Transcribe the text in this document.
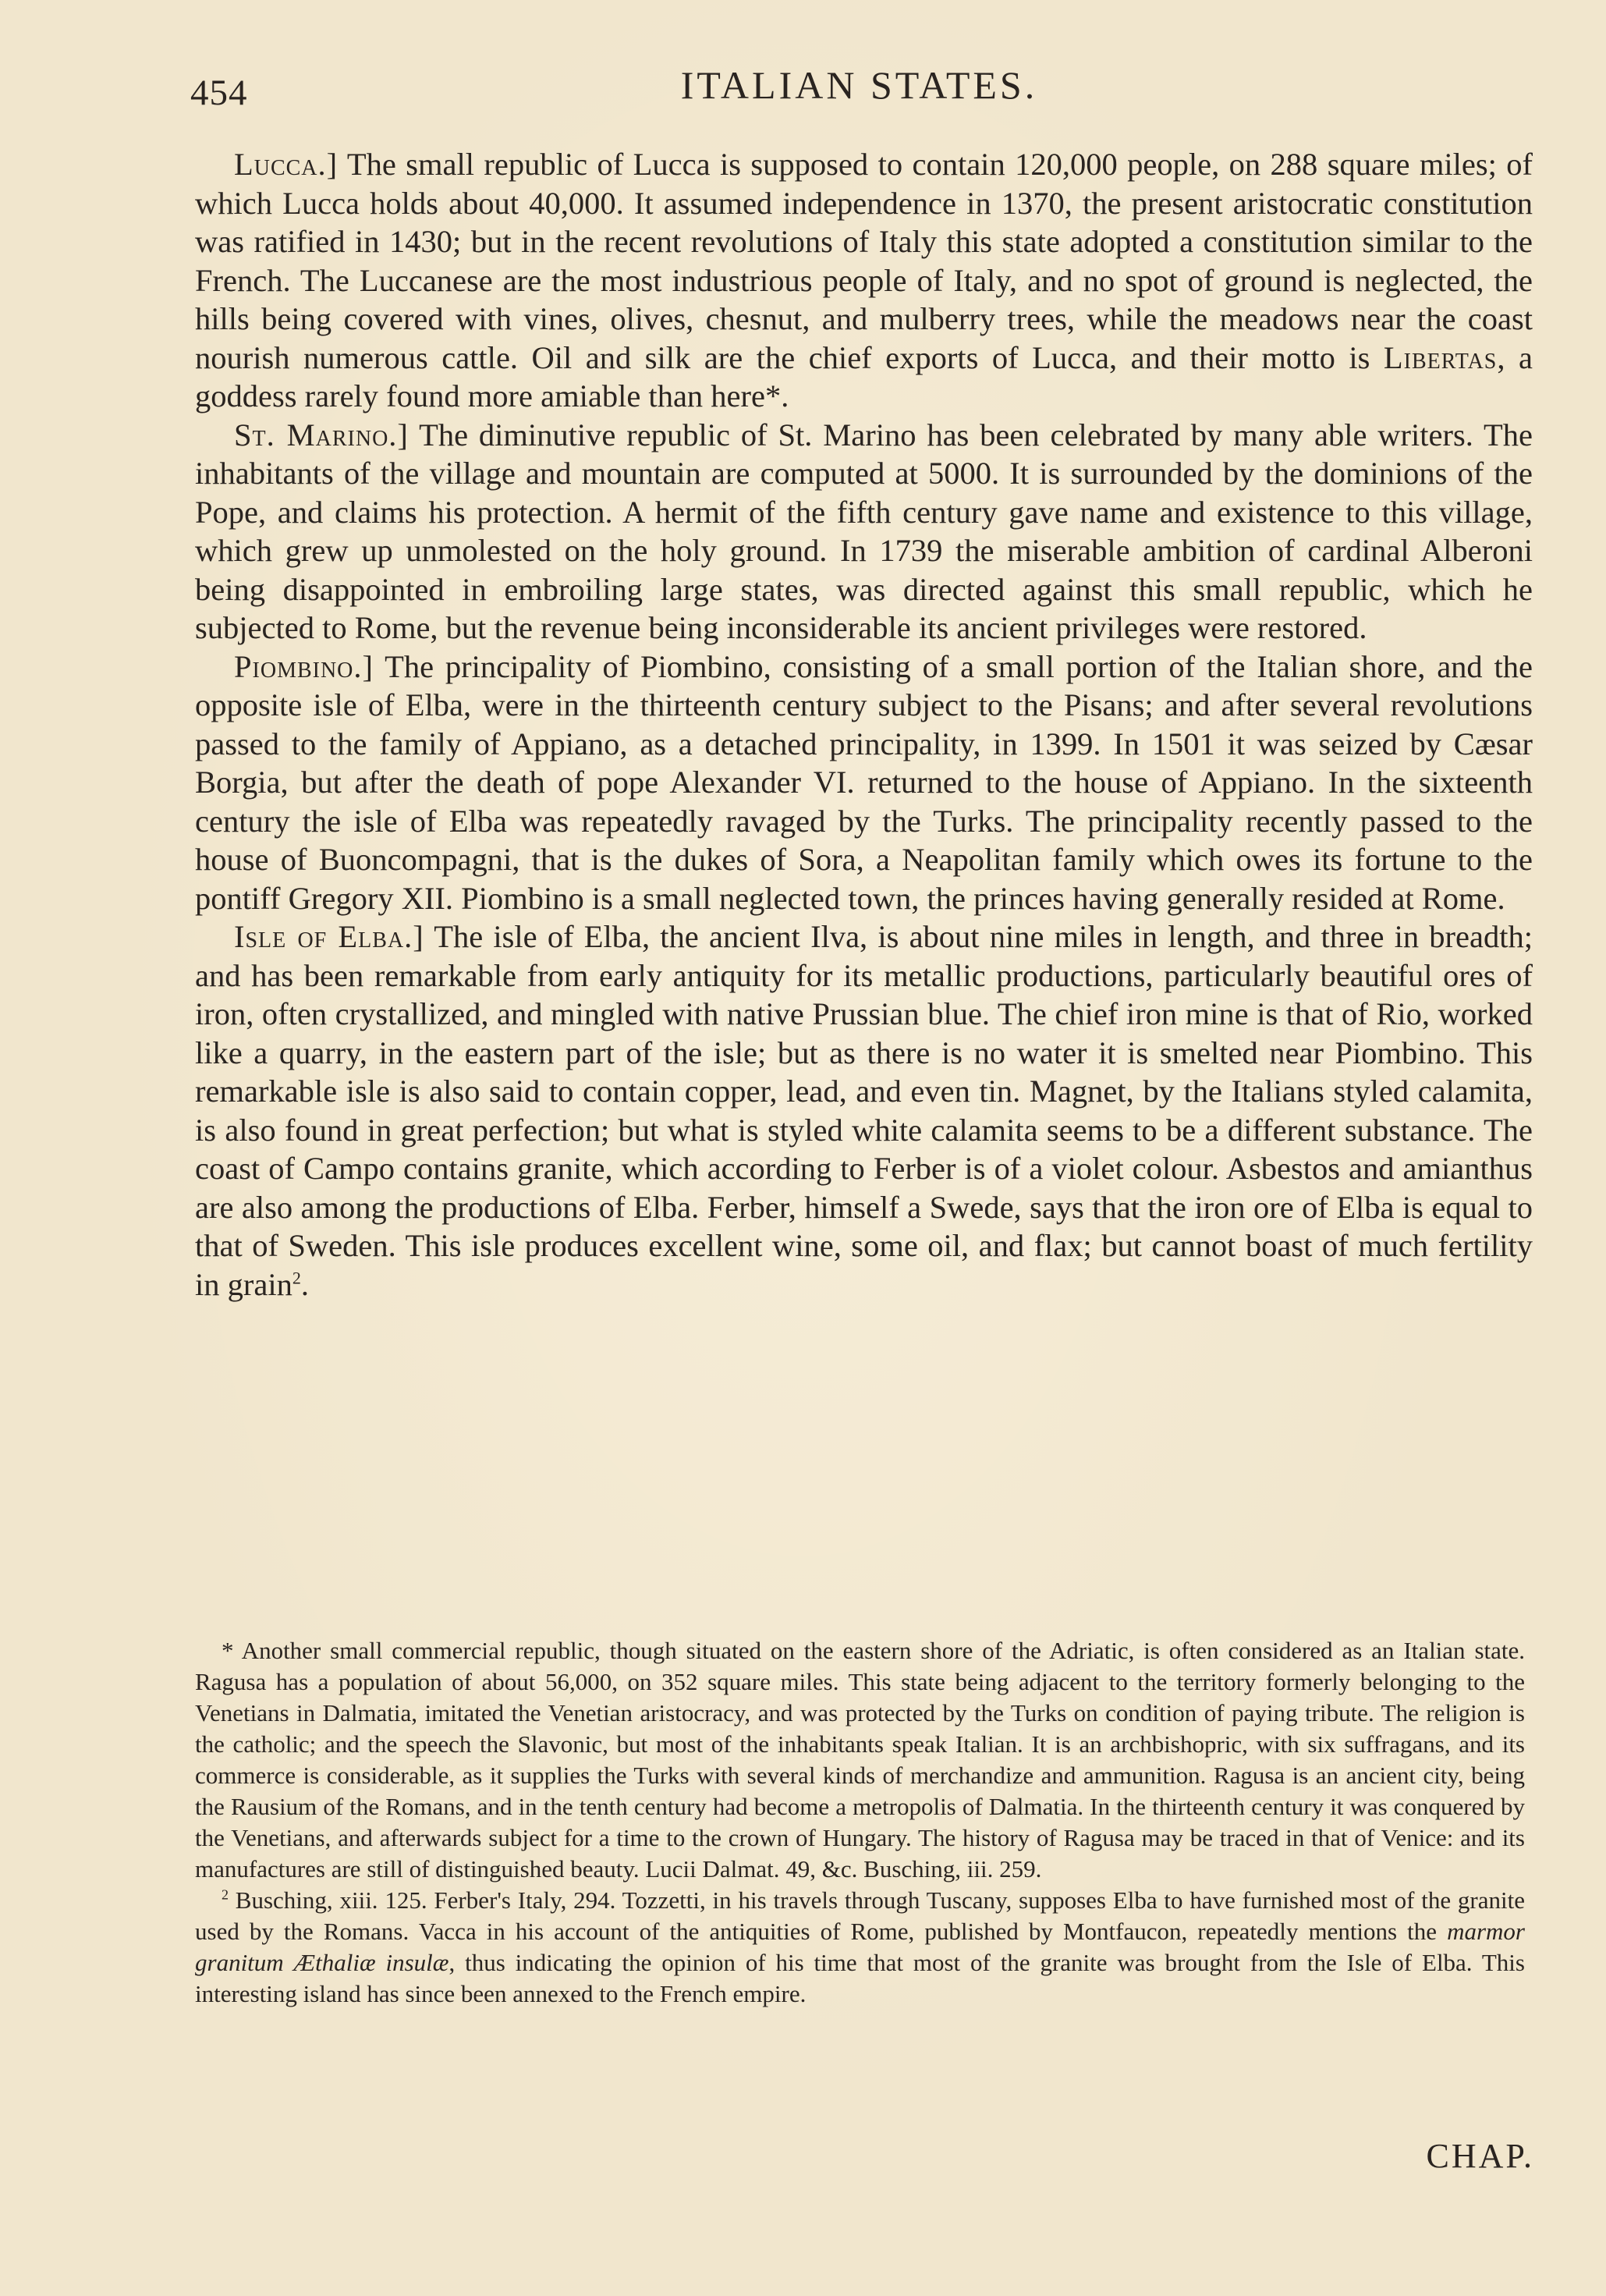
454	ITALIAN STATES.

Lucca.] The small republic of Lucca is supposed to contain 120,000 people, on 288 square miles; of which Lucca holds about 40,000. It assumed independence in 1370, the present aristocratic constitution was ratified in 1430; but in the recent revolutions of Italy this state adopted a constitution similar to the French. The Luccanese are the most industrious people of Italy, and no spot of ground is neglected, the hills being covered with vines, olives, chesnut, and mulberry trees, while the meadows near the coast nourish numerous cattle. Oil and silk are the chief exports of Lucca, and their motto is Libertas, a goddess rarely found more amiable than here*.

St. Marino.] The diminutive republic of St. Marino has been celebrated by many able writers. The inhabitants of the village and mountain are computed at 5000. It is surrounded by the dominions of the Pope, and claims his protection. A hermit of the fifth century gave name and existence to this village, which grew up unmolested on the holy ground. In 1739 the miserable ambition of cardinal Alberoni being disappointed in embroiling large states, was directed against this small republic, which he subjected to Rome, but the revenue being inconsiderable its ancient privileges were restored.

Piombino.] The principality of Piombino, consisting of a small portion of the Italian shore, and the opposite isle of Elba, were in the thirteenth century subject to the Pisans; and after several revolutions passed to the family of Appiano, as a detached principality, in 1399. In 1501 it was seized by Cæsar Borgia, but after the death of pope Alexander VI. returned to the house of Appiano. In the sixteenth century the isle of Elba was repeatedly ravaged by the Turks. The principality recently passed to the house of Buoncompagni, that is the dukes of Sora, a Neapolitan family which owes its fortune to the pontiff Gregory XII. Piombino is a small neglected town, the princes having generally resided at Rome.

Isle of Elba.] The isle of Elba, the ancient Ilva, is about nine miles in length, and three in breadth; and has been remarkable from early antiquity for its metallic productions, particularly beautiful ores of iron, often crystallized, and mingled with native Prussian blue. The chief iron mine is that of Rio, worked like a quarry, in the eastern part of the isle; but as there is no water it is smelted near Piombino. This remarkable isle is also said to contain copper, lead, and even tin. Magnet, by the Italians styled calamita, is also found in great perfection; but what is styled white calamita seems to be a different substance. The coast of Campo contains granite, which according to Ferber is of a violet colour. Asbestos and amianthus are also among the productions of Elba. Ferber, himself a Swede, says that the iron ore of Elba is equal to that of Sweden. This isle produces excellent wine, some oil, and flax; but cannot boast of much fertility in grain$^2$.

* Another small commercial republic, though situated on the eastern shore of the Adriatic, is often considered as an Italian state. Ragusa has a population of about 56,000, on 352 square miles. This state being adjacent to the territory formerly belonging to the Venetians in Dalmatia, imitated the Venetian aristocracy, and was protected by the Turks on condition of paying tribute. The religion is the catholic; and the speech the Slavonic, but most of the inhabitants speak Italian. It is an archbishopric, with six suffragans, and its commerce is considerable, as it supplies the Turks with several kinds of merchandize and ammunition. Ragusa is an ancient city, being the Rausium of the Romans, and in the tenth century had become a metropolis of Dalmatia. In the thirteenth century it was conquered by the Venetians, and afterwards subject for a time to the crown of Hungary. The history of Ragusa may be traced in that of Venice: and its manufactures are still of distinguished beauty. Lucii Dalmat. 49, &c. Busching, iii. 259.

$^2$ Busching, xiii. 125. Ferber's Italy, 294. Tozzetti, in his travels through Tuscany, supposes Elba to have furnished most of the granite used by the Romans. Vacca in his account of the antiquities of Rome, published by Montfaucon, repeatedly mentions the marmor granitum Æthaliæ insulæ, thus indicating the opinion of his time that most of the granite was brought from the Isle of Elba. This interesting island has since been annexed to the French empire.

CHAP.
